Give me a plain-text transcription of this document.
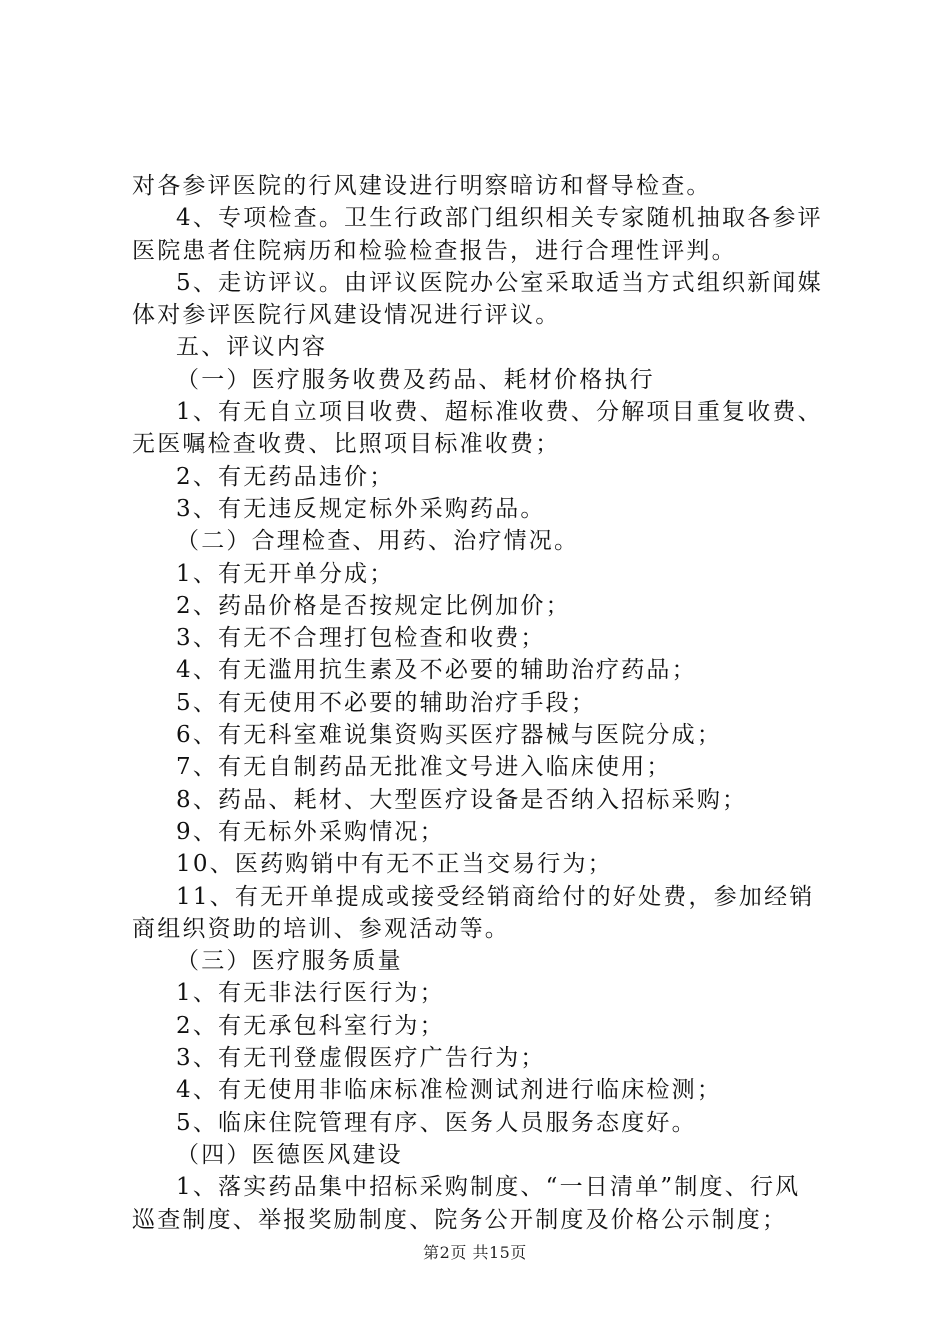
对各参评医院的行风建设进行明察暗访和督导检查。
4、专项检查。卫生行政部门组织相关专家随机抽取各参评
医院患者住院病历和检验检查报告，进行合理性评判。
5、走访评议。由评议医院办公室采取适当方式组织新闻媒
体对参评医院行风建设情况进行评议。
五、评议内容
（一）医疗服务收费及药品、耗材价格执行
1、有无自立项目收费、超标准收费、分解项目重复收费、
无医嘱检查收费、比照项目标准收费；
2、有无药品违价；
3、有无违反规定标外采购药品。
（二）合理检查、用药、治疗情况。
1、有无开单分成；
2、药品价格是否按规定比例加价；
3、有无不合理打包检查和收费；
4、有无滥用抗生素及不必要的辅助治疗药品；
5、有无使用不必要的辅助治疗手段；
6、有无科室难说集资购买医疗器械与医院分成；
7、有无自制药品无批准文号进入临床使用；
8、药品、耗材、大型医疗设备是否纳入招标采购；
9、有无标外采购情况；
10、医药购销中有无不正当交易行为；
11、有无开单提成或接受经销商给付的好处费，参加经销
商组织资助的培训、参观活动等。
（三）医疗服务质量
1、有无非法行医行为；
2、有无承包科室行为；
3、有无刊登虚假医疗广告行为；
4、有无使用非临床标准检测试剂进行临床检测；
5、临床住院管理有序、医务人员服务态度好。
（四）医德医风建设
1、落实药品集中招标采购制度、“一日清单”制度、行风
巡查制度、举报奖励制度、院务公开制度及价格公示制度；
第2页 共15页
